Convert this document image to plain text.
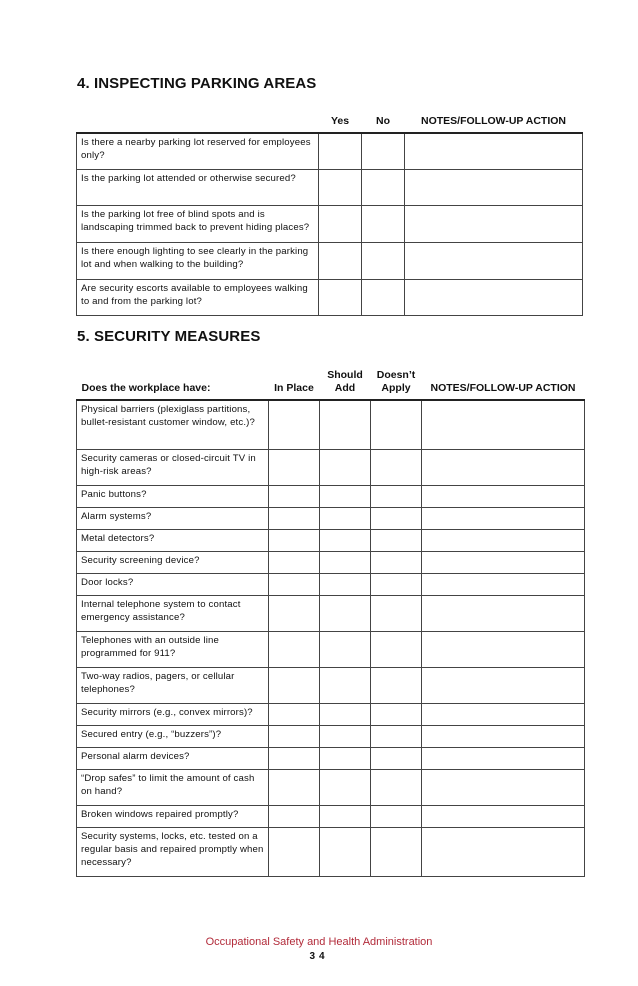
4. INSPECTING PARKING AREAS
	Yes	No	NOTES/FOLLOW-UP ACTION
Is there a nearby parking lot reserved for employees only?			
Is the parking lot attended or otherwise secured?			
Is the parking lot free of blind spots and is landscaping trimmed back to prevent hiding places?			
Is there enough lighting to see clearly in the parking lot and when walking to the building?			
Are security escorts available to employees walking to and from the parking lot?			
5. SECURITY MEASURES
Does the workplace have:	In Place	Should Add	Doesn’t Apply	NOTES/FOLLOW-UP ACTION
Physical barriers (plexiglass partitions, bullet-resistant customer window, etc.)?				
Security cameras or closed-circuit TV in high-risk areas?				
Panic buttons?				
Alarm systems?				
Metal detectors?				
Security screening device?				
Door locks?				
Internal telephone system to contact emergency assistance?				
Telephones with an outside line programmed for 911?				
Two-way radios, pagers, or cellular telephones?				
Security mirrors (e.g., convex mirrors)?				
Secured entry (e.g., “buzzers”)?				
Personal alarm devices?				
“Drop safes” to limit the amount of cash on hand?				
Broken windows repaired promptly?				
Security systems, locks, etc. tested on a regular basis and repaired promptly when necessary?				
Occupational Safety and Health Administration
34
